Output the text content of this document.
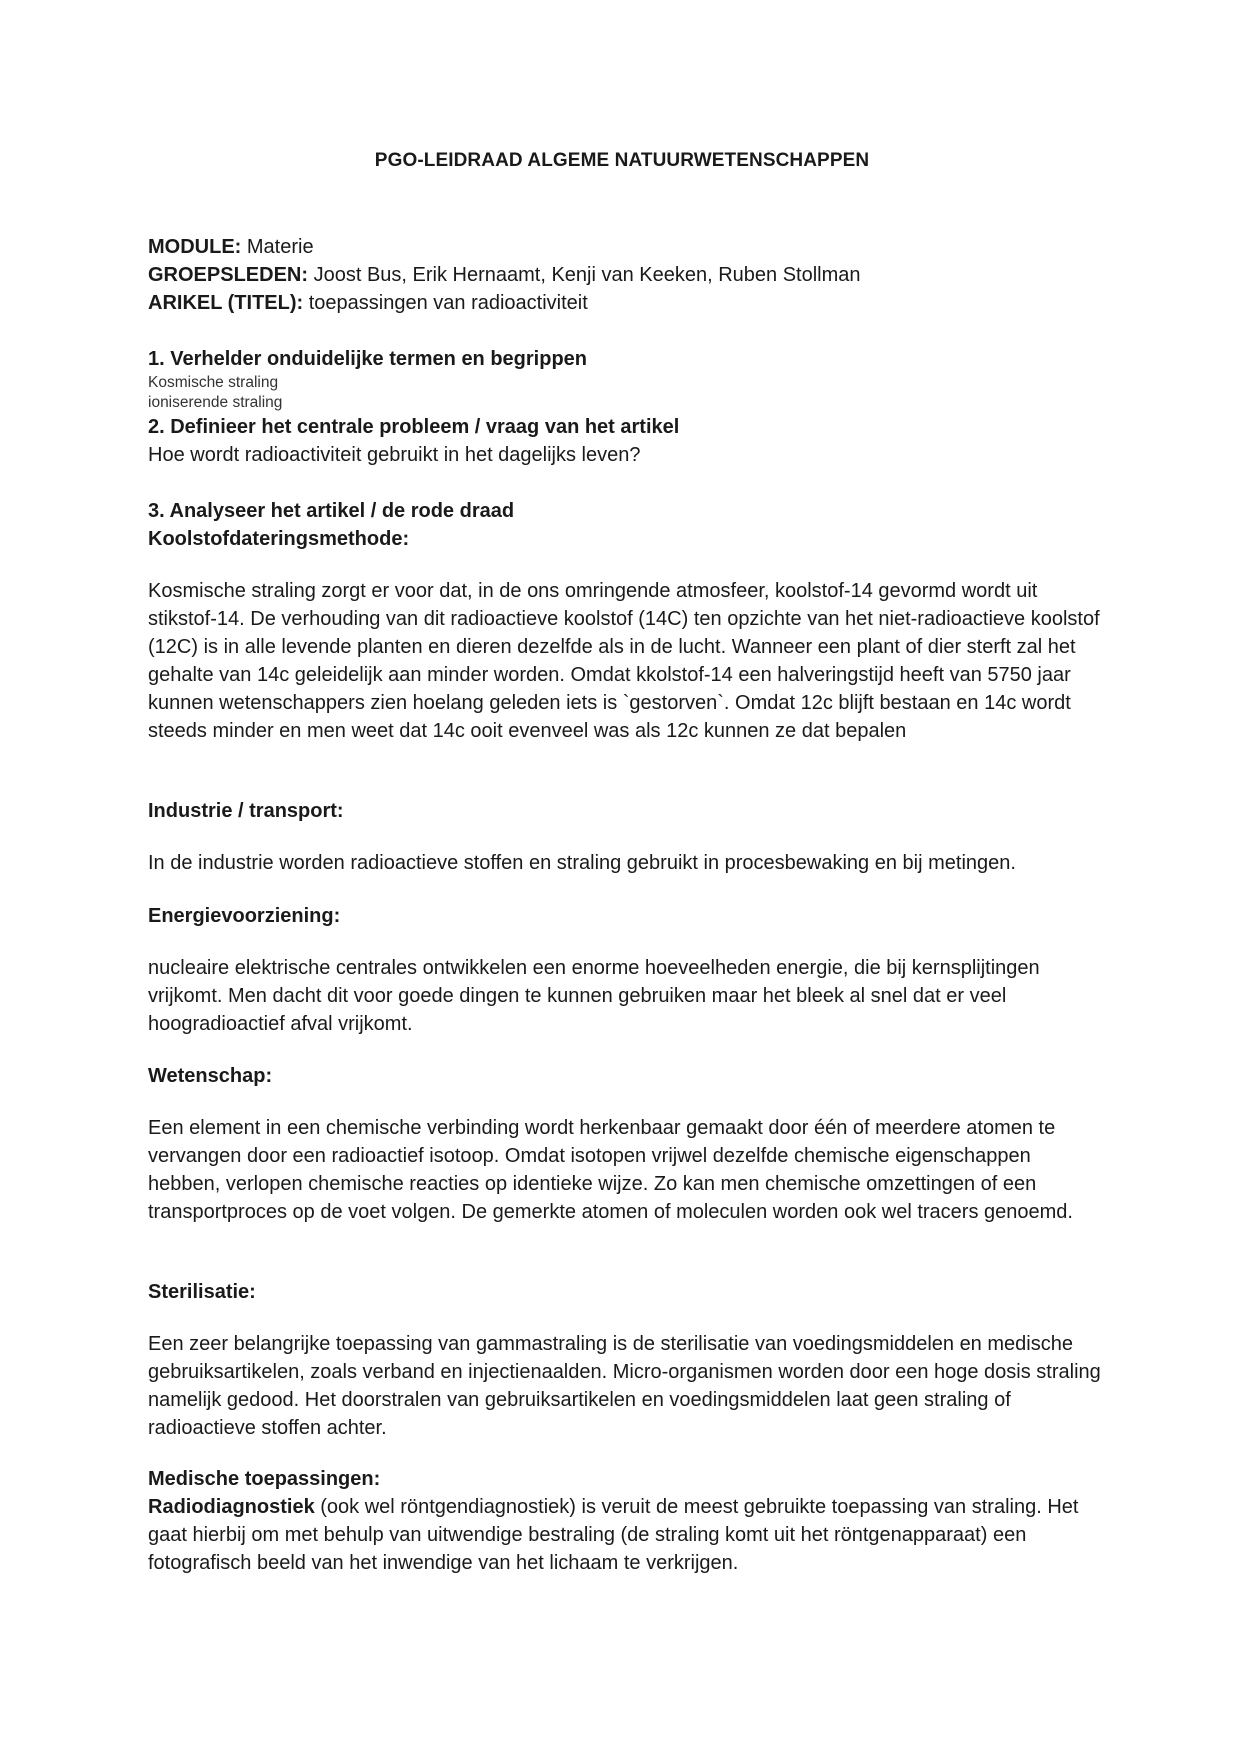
PGO-LEIDRAAD ALGEME NATUURWETENSCHAPPEN
MODULE: Materie
GROEPSLEDEN: Joost Bus, Erik Hernaamt, Kenji van Keeken, Ruben Stollman
ARIKEL (TITEL): toepassingen van radioactiviteit
1. Verhelder onduidelijke termen en begrippen
Kosmische straling
ioniserende straling
2. Definieer het centrale probleem / vraag van het artikel

Hoe wordt radioactiviteit gebruikt in het dagelijks leven?

3. Analyseer het artikel / de rode draad
Koolstofdateringsmethode:

Kosmische straling zorgt er voor dat, in de ons omringende atmosfeer, koolstof-14 gevormd wordt uit stikstof-14. De verhouding van dit radioactieve koolstof (14C) ten opzichte van het niet-radioactieve koolstof (12C) is in alle levende planten en dieren dezelfde als in de lucht. Wanneer een plant of dier sterft zal het gehalte van 14c geleidelijk aan minder worden. Omdat kkolstof-14 een halveringstijd heeft van 5750 jaar kunnen wetenschappers zien hoelang geleden iets is `gestorven`. Omdat 12c blijft bestaan en 14c wordt steeds minder en men weet dat 14c ooit evenveel was als 12c kunnen ze dat bepalen

Industrie / transport:

In de industrie worden radioactieve stoffen en straling gebruikt in procesbewaking en bij metingen.

Energievoorziening:

nucleaire elektrische centrales ontwikkelen een enorme hoeveelheden energie, die bij kernsplijtingen vrijkomt. Men dacht dit voor goede dingen te kunnen gebruiken maar het bleek al snel dat er veel hoogradioactief afval vrijkomt.

Wetenschap:

Een element in een chemische verbinding wordt herkenbaar gemaakt door één of meerdere atomen te vervangen door een radioactief isotoop. Omdat isotopen vrijwel dezelfde chemische eigenschappen hebben, verlopen chemische reacties op identieke wijze. Zo kan men chemische omzettingen of een transportproces op de voet volgen. De gemerkte atomen of moleculen worden ook wel tracers genoemd.

Sterilisatie:

Een zeer belangrijke toepassing van gammastraling is de sterilisatie van voedingsmiddelen en medische gebruiksartikelen, zoals verband en injectienaalden. Micro-organismen worden door een hoge dosis straling namelijk gedood. Het doorstralen van gebruiksartikelen en voedingsmiddelen laat geen straling of radioactieve stoffen achter.

Medische toepassingen:

Radiodiagnostiek (ook wel röntgendiagnostiek) is veruit de meest gebruikte toepassing van straling. Het gaat hierbij om met behulp van uitwendige bestraling (de straling komt uit het röntgenapparaat) een fotografisch beeld van het inwendige van het lichaam te verkrijgen.
